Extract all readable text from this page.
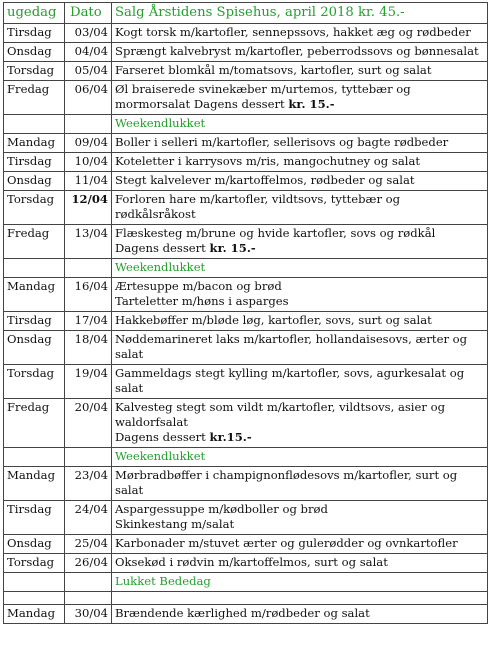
ugedag	Dato	Salg Årstidens Spisehus, april 2018 kr. 45.-
Tirsdag	03/04	Kogt torsk m/kartofler, sennepssovs, hakket æg og rødbeder
Onsdag	04/04	Sprængt kalvebryst m/kartofler, peberrodssovs og bønnesalat
Torsdag	05/04	Farseret blomkål m/tomatsovs, kartofler, surt og salat
Fredag	06/04	Øl braiserede svinekæber m/urtemos, tyttebær og mormorsalat Dagens dessert kr. 15.-
		Weekendlukket
Mandag	09/04	Boller i selleri m/kartofler, sellerisovs og bagte rødbeder
Tirsdag	10/04	Koteletter i karrysovs m/ris, mangochutney og salat
Onsdag	11/04	Stegt kalvelever m/kartoffelmos, rødbeder og salat
Torsdag	12/04	Forloren hare m/kartofler, vildtsovs, tyttebær og rødkålsråkost
Fredag	13/04	Flæskesteg m/brune og hvide kartofler, sovs og rødkål
Dagens dessert kr. 15.-
		Weekendlukket
Mandag	16/04	Ærtesuppe m/bacon og brød
Tarteletter m/høns i asparges
Tirsdag	17/04	Hakkebøffer m/bløde løg, kartofler, sovs, surt og salat
Onsdag	18/04	Nøddemarineret laks m/kartofler, hollandaisesovs, ærter og salat
Torsdag	19/04	Gammeldags stegt kylling m/kartofler, sovs, agurkesalat og salat
Fredag	20/04	Kalvesteg stegt som vildt m/kartofler, vildtsovs, asier og waldorfsalat
Dagens dessert kr.15.-
		Weekendlukket
Mandag	23/04	Mørbradbøffer i champignonflødesovs m/kartofler, surt og salat
Tirsdag	24/04	Aspargessuppe m/kødboller og brød
Skinkestang m/salat
Onsdag	25/04	Karbonader m/stuvet ærter og gulerødder og ovnkartofler
Torsdag	26/04	Oksekød i rødvin m/kartoffelmos, surt og salat
		Lukket Bededag

Mandag	30/04	Brændende kærlighed m/rødbeder og salat
